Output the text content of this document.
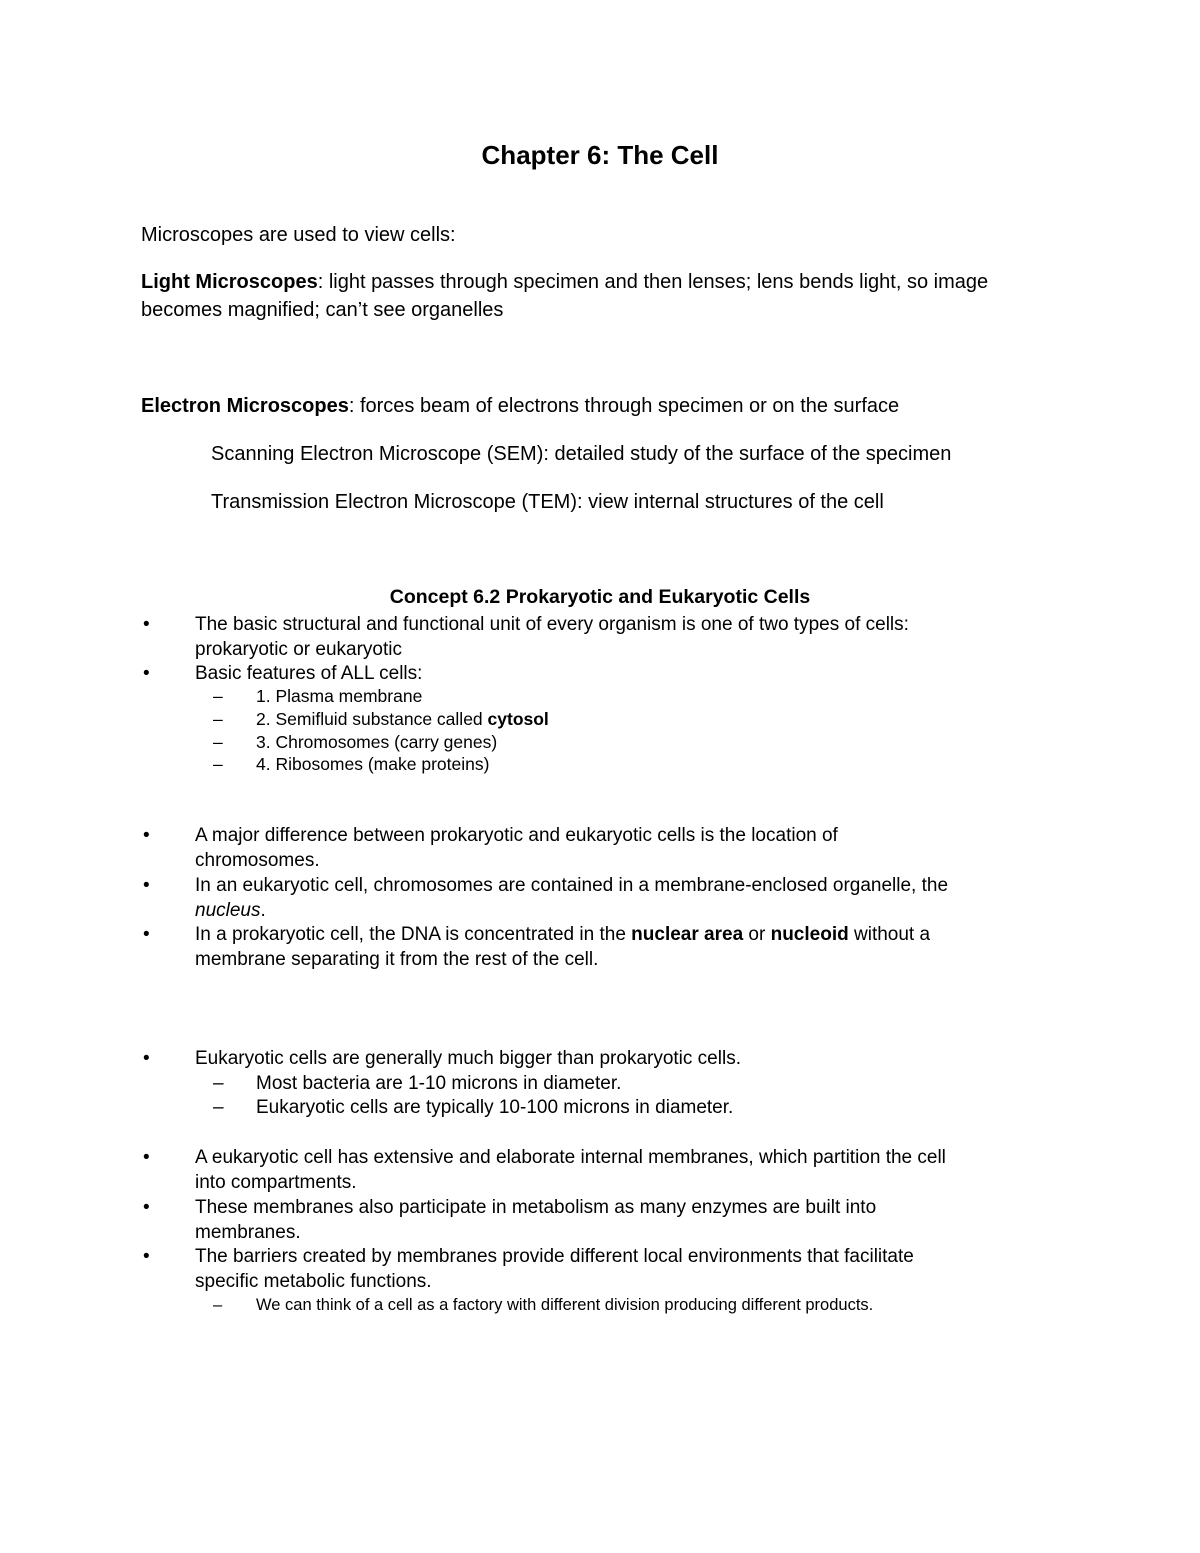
Chapter 6: The Cell
Microscopes are used to view cells:
Light Microscopes: light passes through specimen and then lenses; lens bends light, so image
becomes magnified; can’t see organelles
Electron Microscopes: forces beam of electrons through specimen or on the surface
Scanning Electron Microscope (SEM): detailed study of the surface of the specimen
Transmission Electron Microscope (TEM): view internal structures of the cell
Concept 6.2 Prokaryotic and Eukaryotic Cells
• The basic structural and functional unit of every organism is one of two types of cells:
prokaryotic or eukaryotic
• Basic features of ALL cells:
– 1. Plasma membrane
– 2. Semifluid substance called cytosol
– 3. Chromosomes (carry genes)
– 4. Ribosomes (make proteins)
• A major difference between prokaryotic and eukaryotic cells is the location of
chromosomes.
• In an eukaryotic cell, chromosomes are contained in a membrane-enclosed organelle, the
nucleus.
• In a prokaryotic cell, the DNA is concentrated in the nuclear area or nucleoid without a
membrane separating it from the rest of the cell.
• Eukaryotic cells are generally much bigger than prokaryotic cells.
– Most bacteria are 1-10 microns in diameter.
– Eukaryotic cells are typically 10-100 microns in diameter.
• A eukaryotic cell has extensive and elaborate internal membranes, which partition the cell
into compartments.
• These membranes also participate in metabolism as many enzymes are built into
membranes.
• The barriers created by membranes provide different local environments that facilitate
specific metabolic functions.
– We can think of a cell as a factory with different division producing different products.
